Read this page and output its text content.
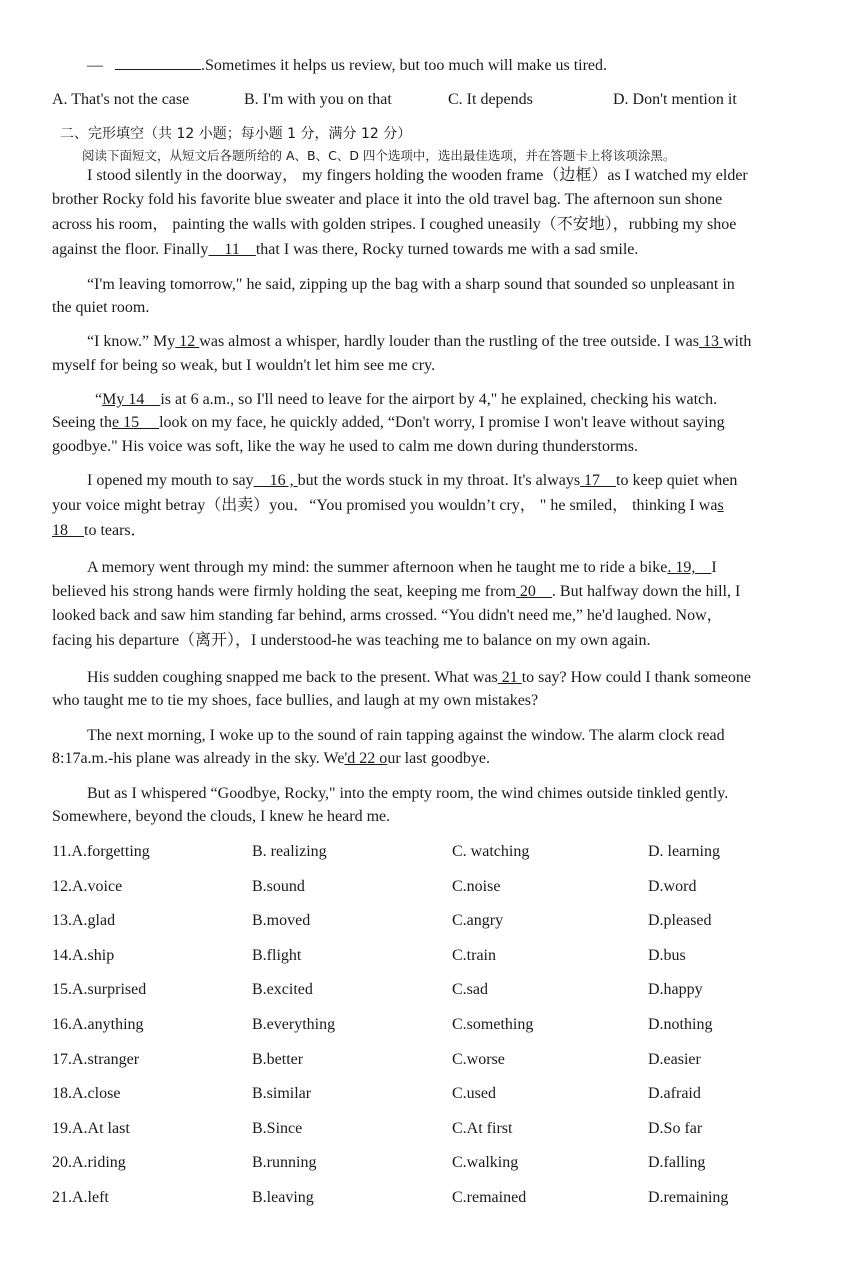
—	.Sometimes it helps us review, but too much will make us tired.
A. That's not the case	B. I'm with you on that	C. It depends	D. Don't mention it
二、完形填空（共 12 小题；每小题 1 分，满分 12 分）
阅读下面短文，从短文后各题所给的 A、B、C、D 四个选项中，选出最佳选项，并在答题卡上将该项涂黑。
I stood silently in the doorway， my fingers holding the wooden frame（边框）as I watched my elder
brother Rocky fold his favorite blue sweater and place it into the old travel bag. The afternoon sun shone
across his room， painting the walls with golden stripes. I coughed uneasily（不安地），rubbing my shoe
against the floor. Finally    11    that I was there, Rocky turned towards me with a sad smile.
“I'm leaving tomorrow," he said, zipping up the bag with a sharp sound that sounded so unpleasant in
the quiet room.
“I know.” My 12 was almost a whisper, hardly louder than the rustling of the tree outside. I was 13 with
myself for being so weak, but I wouldn't let him see me cry.
“My 14    is at 6 a.m., so I'll need to leave for the airport by 4," he explained, checking his watch.
Seeing the 15     look on my face, he quickly added, “Don't worry, I promise I won't leave without saying
goodbye." His voice was soft, like the way he used to calm me down during thunderstorms.
I opened my mouth to say    16 , but the words stuck in my throat. It's always 17    to keep quiet when
your voice might betray（出卖）you．“You promised you wouldn’t cry， " he smiled， thinking I was
18    to tears．
A memory went through my mind: the summer afternoon when he taught me to ride a bike. 19,    I
believed his strong hands were firmly holding the seat, keeping me from 20    . But halfway down the hill, I
looked back and saw him standing far behind, arms crossed. “You didn't need me,” he'd laughed. Now，
facing his departure（离开），I understood-he was teaching me to balance on my own again.
His sudden coughing snapped me back to the present. What was 21 to say? How could I thank someone
who taught me to tie my shoes, face bullies, and laugh at my own mistakes?
The next morning, I woke up to the sound of rain tapping against the window. The alarm clock read
8:17a.m.-his plane was already in the sky. We'd 22 our last goodbye.
But as I whispered “Goodbye, Rocky," into the empty room, the wind chimes outside tinkled gently.
Somewhere, beyond the clouds, I knew he heard me.
11.A.forgetting	B. realizing	C. watching	D. learning
12.A.voice	B.sound	C.noise	D.word
13.A.glad	B.moved	C.angry	D.pleased
14.A.ship	B.flight	C.train	D.bus
15.A.surprised	B.excited	C.sad	D.happy
16.A.anything	B.everything	C.something	D.nothing
17.A.stranger	B.better	C.worse	D.easier
18.A.close	B.similar	C.used	D.afraid
19.A.At last	B.Since	C.At first	D.So far
20.A.riding	B.running	C.walking	D.falling
21.A.left	B.leaving	C.remained	D.remaining
